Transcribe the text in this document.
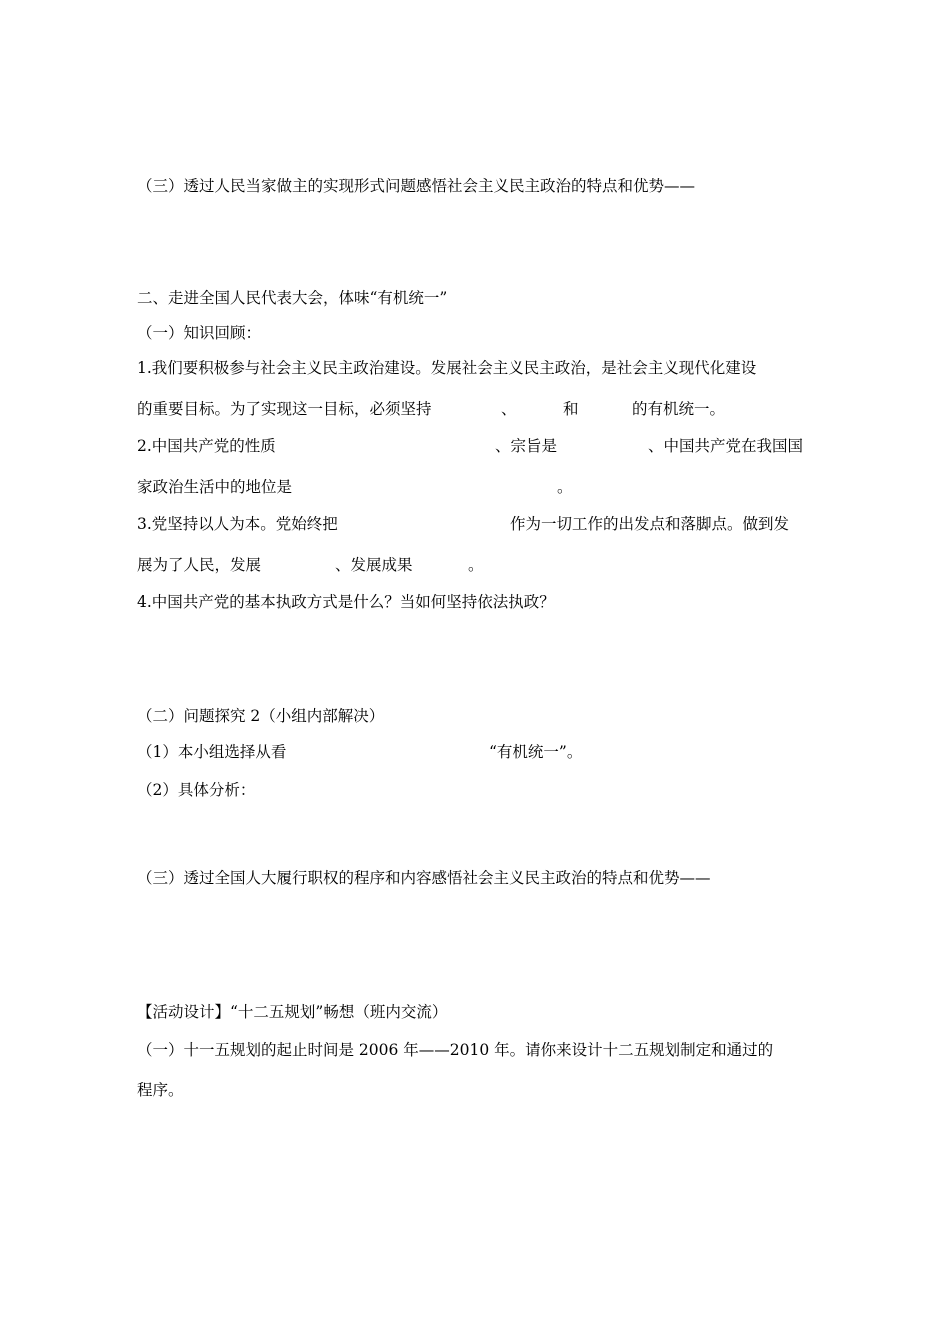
（三）透过人民当家做主的实现形式问题感悟社会主义民主政治的特点和优势——
二、走进全国人民代表大会，体味“有机统一”
（一）知识回顾：
1.我们要积极参与社会主义民主政治建设。发展社会主义民主政治，是社会主义现代化建设
的重要目标。为了实现这一目标，必须坚持	、	和	的有机统一。
2.中国共产党的性质	、宗旨是	、中国共产党在我国国
家政治生活中的地位是	。
3.党坚持以人为本。党始终把	作为一切工作的出发点和落脚点。做到发
展为了人民，发展	、发展成果	。
4.中国共产党的基本执政方式是什么？当如何坚持依法执政？
（二）问题探究 2（小组内部解决）
（1）本小组选择从看	“有机统一”。
（2）具体分析：
（三）透过全国人大履行职权的程序和内容感悟社会主义民主政治的特点和优势——
【活动设计】“十二五规划”畅想（班内交流）
（一）十一五规划的起止时间是 2006 年——2010 年。请你来设计十二五规划制定和通过的
程序。
